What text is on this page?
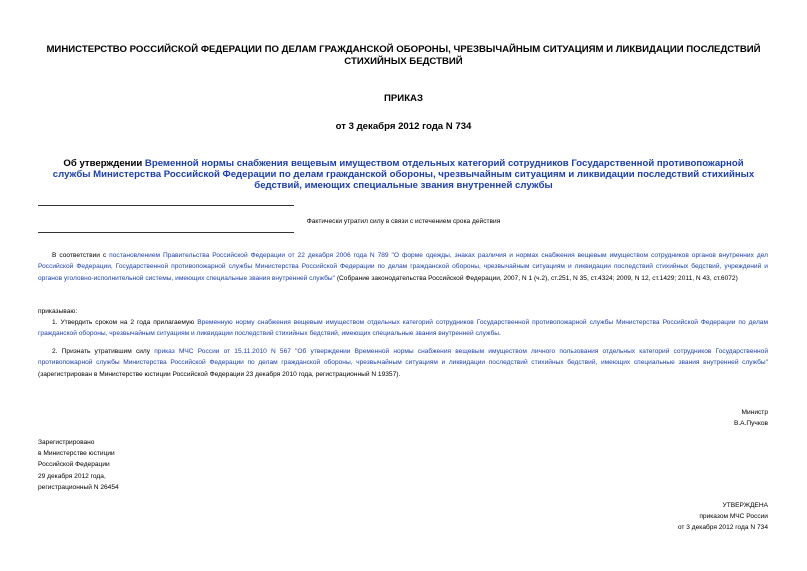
МИНИСТЕРСТВО РОССИЙСКОЙ ФЕДЕРАЦИИ ПО ДЕЛАМ ГРАЖДАНСКОЙ ОБОРОНЫ, ЧРЕЗВЫЧАЙНЫМ СИТУАЦИЯМ И ЛИКВИДАЦИИ ПОСЛЕДСТВИЙ СТИХИЙНЫХ БЕДСТВИЙ
ПРИКАЗ
от 3 декабря 2012 года N 734
Об утверждении Временной нормы снабжения вещевым имуществом отдельных категорий сотрудников Государственной противопожарной службы Министерства Российской Федерации по делам гражданской обороны, чрезвычайным ситуациям и ликвидации последствий стихийных бедствий, имеющих специальные звания внутренней службы
Фактически утратил силу в связи с истечением срока действия
В соответствии с постановлением Правительства Российской Федерации от 22 декабря 2006 года N 789 "О форме одежды, знаках различия и нормах снабжения вещевым имуществом сотрудников органов внутренних дел Российской Федерации, Государственной противопожарной службы Министерства Российской Федерации по делам гражданской обороны, чрезвычайным ситуациям и ликвидации последствий стихийных бедствий, учреждений и органов уголовно-исполнительной системы, имеющих специальные звания внутренней службы" (Собрание законодательства Российской Федерации, 2007, N 1 (ч.2), ст.251, N 35, ст.4324; 2009, N 12, ст.1429; 2011, N 43, ст.6072)
приказываю:
1. Утвердить сроком на 2 года прилагаемую Временную норму снабжения вещевым имуществом отдельных категорий сотрудников Государственной противопожарной службы Министерства Российской Федерации по делам гражданской обороны, чрезвычайным ситуациям и ликвидации последствий стихийных бедствий, имеющих специальные звания внутренней службы.
2. Признать утратившим силу приказ МЧС России от 15.11.2010 N 567 "Об утверждении Временной нормы снабжения вещевым имуществом личного пользования отдельных категорий сотрудников Государственной противопожарной службы Министерства Российской Федерации по делам гражданской обороны, чрезвычайным ситуациям и ликвидации последствий стихийных бедствий, имеющих специальные звания внутренней службы" (зарегистрирован в Министерстве юстиции Российской Федерации 23 декабря 2010 года, регистрационный N 19357).
Министр
В.А.Пучков
Зарегистрировано
в Министерстве юстиции
Российской Федерации
29 декабря 2012 года,
регистрационный N 26454
УТВЕРЖДЕНА
приказом МЧС России
от 3 декабря 2012 года N 734
